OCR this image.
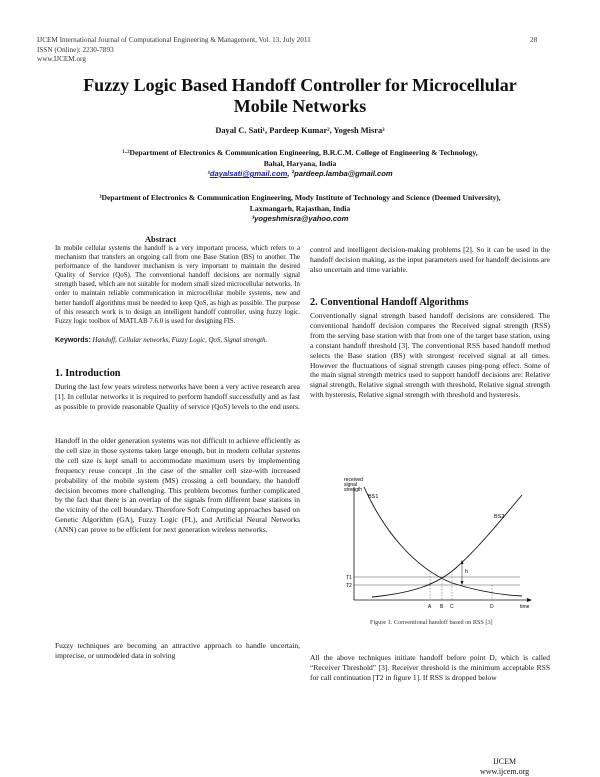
IJCEM International Journal of Computational Engineering & Management, Vol. 13, July 2011
ISSN (Online): 2230-7893
www.IJCEM.org
28
Fuzzy Logic Based Handoff Controller for Microcellular
Mobile Networks
Dayal C. Sati¹, Pardeep Kumar², Yogesh Misra³
¹·²Department of Electronics & Communication Engineering, B.R.C.M. College of Engineering & Technology,
Bahal, Haryana, India
¹dayalsati@gmail.com, ²pardeep.lamba@gmail.com
³Department of Electronics & Communication Engineering, Mody Institute of Technology and Science (Deemed University),
Laxmangarh, Rajasthan, India
³yogeshmisra@yahoo.com
Abstract
In mobile cellular systems the handoff is a very important process, which refers to a mechanism that transfers an ongoing call from one Base Station (BS) to another. The performance of the handover mechanism is very important to maintain the desired Quality of Service (QoS). The conventional handoff decisions are normally signal strength based, which are not suitable for modern small sized microcellular networks. In order to maintain reliable communication in microcellular mobile systems, new and better handoff algorithms must be needed to keep QoS, as high as possible. The purpose of this research work is to design an intelligent handoff controller, using fuzzy logic. Fuzzy logic toolbox of MATLAB 7.6.0 is used for designing FIS.
Keywords: Handoff, Cellular networks, Fuzzy Logic, QoS, Signal strength.
1. Introduction
During the last few years wireless networks have been a very active research area [1]. In cellular networks it is required to perform handoff successfully and as fast as possible to provide reasonable Quality of service (QoS) levels to the end users.
Handoff in the older generation systems was not difficult to achieve efficiently as the cell size in those systems taken large enough, but in modern cellular systems the cell size is kept small to accommodate maximum users by implementing frequency reuse concept .In the case of the smaller cell size-with increased probability of the mobile system (MS) crossing a cell boundary, the handoff decision becomes more challenging. This problem becomes further complicated by the fact that there is an overlap of the signals from different base stations in the vicinity of the cell boundary. Therefore Soft Computing approaches based on Genetic Algorithm (GA), Fuzzy Logic (FL), and Artificial Neural Networks (ANN) can prove to be efficient for next generation wireless networks.
Fuzzy techniques are becoming an attractive approach to handle uncertain, imprecise, or unmodeled data in solving
control and intelligent decision-making problems [2]. So it can be used in the handoff decision making, as the input parameters used for handoff decisions are also uncertain and time variable.
2. Conventional Handoff Algorithms
Conventionally signal strength based handoff decisions are considered. The conventional handoff decision compares the Received signal strength (RSS) from the serving base station with that from one of the target base station, using a constant handoff threshold [3]. The conventional RSS based handoff method selects the Base station (BS) with strongest received signal at all times. However the fluctuations of signal strength causes ping-pong effect. Some of the main signal strength metrics used to support handoff decisions are: Relative signal strength, Relative signal strength with threshold, Relative signal strength with hysteresis, Relative signal strength with threshold and hysteresis.
received
signal
strength
T1
T2
BS1
BS2
h
A B C	D	time
Figure 1. Conventional handoff based on RSS [3]
All the above techniques initiate handoff before point D, which is called “Receiver Threshold” [3]. Receiver threshold is the minimum acceptable RSS for call continuation [T2 in figure 1]. If RSS is dropped below
IJCEM
www.ijcem.org
